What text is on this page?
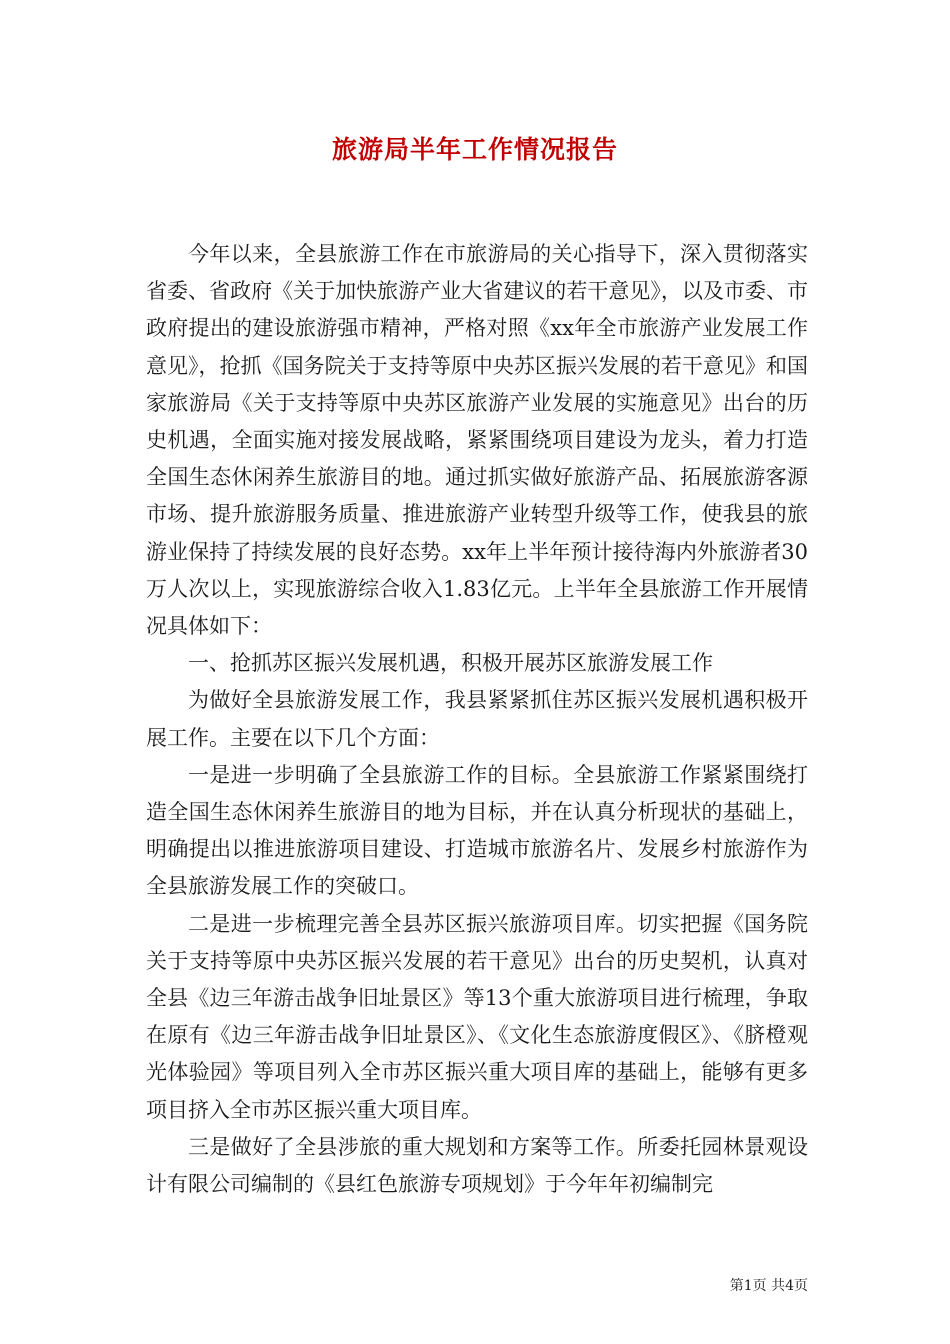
旅游局半年工作情况报告

今年以来，全县旅游工作在市旅游局的关心指导下，深入贯彻落实省委、省政府《关于加快旅游产业大省建议的若干意见》，以及市委、市政府提出的建设旅游强市精神，严格对照《xx年全市旅游产业发展工作意见》，抢抓《国务院关于支持等原中央苏区振兴发展的若干意见》和国家旅游局《关于支持等原中央苏区旅游产业发展的实施意见》出台的历史机遇，全面实施对接发展战略，紧紧围绕项目建设为龙头，着力打造全国生态休闲养生旅游目的地。通过抓实做好旅游产品、拓展旅游客源市场、提升旅游服务质量、推进旅游产业转型升级等工作，使我县的旅游业保持了持续发展的良好态势。xx年上半年预计接待海内外旅游者30万人次以上，实现旅游综合收入1.83亿元。上半年全县旅游工作开展情况具体如下：

一、抢抓苏区振兴发展机遇，积极开展苏区旅游发展工作

为做好全县旅游发展工作，我县紧紧抓住苏区振兴发展机遇积极开展工作。主要在以下几个方面：

一是进一步明确了全县旅游工作的目标。全县旅游工作紧紧围绕打造全国生态休闲养生旅游目的地为目标，并在认真分析现状的基础上，明确提出以推进旅游项目建设、打造城市旅游名片、发展乡村旅游作为全县旅游发展工作的突破口。

二是进一步梳理完善全县苏区振兴旅游项目库。切实把握《国务院关于支持等原中央苏区振兴发展的若干意见》出台的历史契机，认真对全县《边三年游击战争旧址景区》等13个重大旅游项目进行梳理，争取在原有《边三年游击战争旧址景区》、《文化生态旅游度假区》、《脐橙观光体验园》等项目列入全市苏区振兴重大项目库的基础上，能够有更多项目挤入全市苏区振兴重大项目库。

三是做好了全县涉旅的重大规划和方案等工作。所委托园林景观设计有限公司编制的《县红色旅游专项规划》于今年年初编制完

第1页 共4页
